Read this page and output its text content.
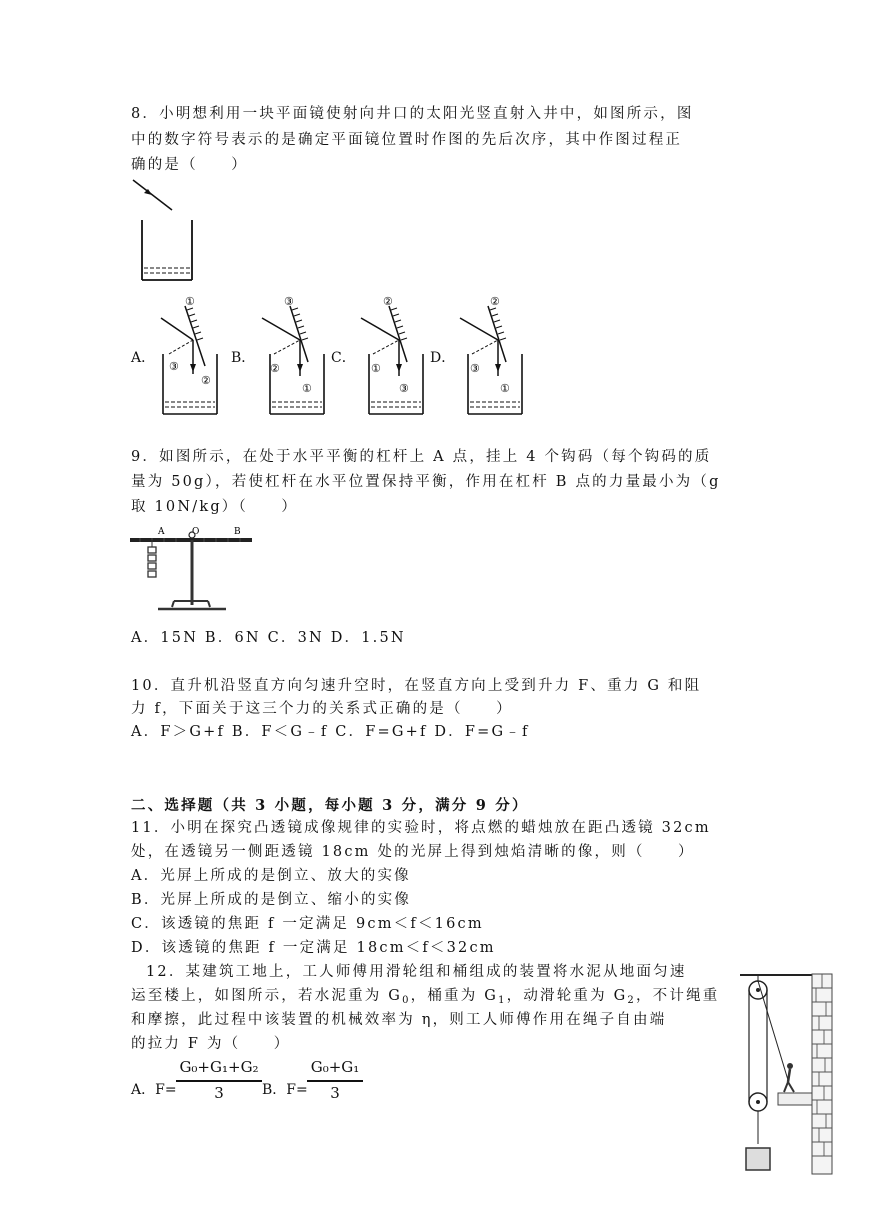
8．小明想利用一块平面镜使射向井口的太阳光竖直射入井中，如图所示，图
中的数字符号表示的是确定平面镜位置时作图的先后次序，其中作图过程正
确的是（　　）
A．
①
③
②
B．
③
②
①
C．
②
①
③
D．
②
③
①
9．如图所示，在处于水平平衡的杠杆上 A 点，挂上 4 个钩码（每个钩码的质
量为 50g），若使杠杆在水平位置保持平衡，作用在杠杆 B 点的力量最小为（g
取 10N/kg）（　　）
A	O	B
A．15N B．6N C．3N D．1.5N
10．直升机沿竖直方向匀速升空时，在竖直方向上受到升力 F、重力 G 和阻
力 f，下面关于这三个力的关系式正确的是（　　）
A．F＞G+f B．F＜G﹣f C．F=G+f D．F=G﹣f
二、选择题（共 3 小题，每小题 3 分，满分 9 分）
11．小明在探究凸透镜成像规律的实验时，将点燃的蜡烛放在距凸透镜 32cm
处，在透镜另一侧距透镜 18cm 处的光屏上得到烛焰清晰的像，则（　　）
A．光屏上所成的是倒立、放大的实像
B．光屏上所成的是倒立、缩小的实像
C．该透镜的焦距 f 一定满足 9cm＜f＜16cm
D．该透镜的焦距 f 一定满足 18cm＜f＜32cm
12．某建筑工地上，工人师傅用滑轮组和桶组成的装置将水泥从地面匀速
运至楼上，如图所示，若水泥重为 $G_0$，桶重为 $G_1$，动滑轮重为 $G_2$，不计绳重
和摩擦，此过程中该装置的机械效率为 η，则工人师傅作用在绳子自由端
的拉力 F 为（　　）
A．F=
G₀+G₁+G₂
3	B．F=
G₀+G₁
3
